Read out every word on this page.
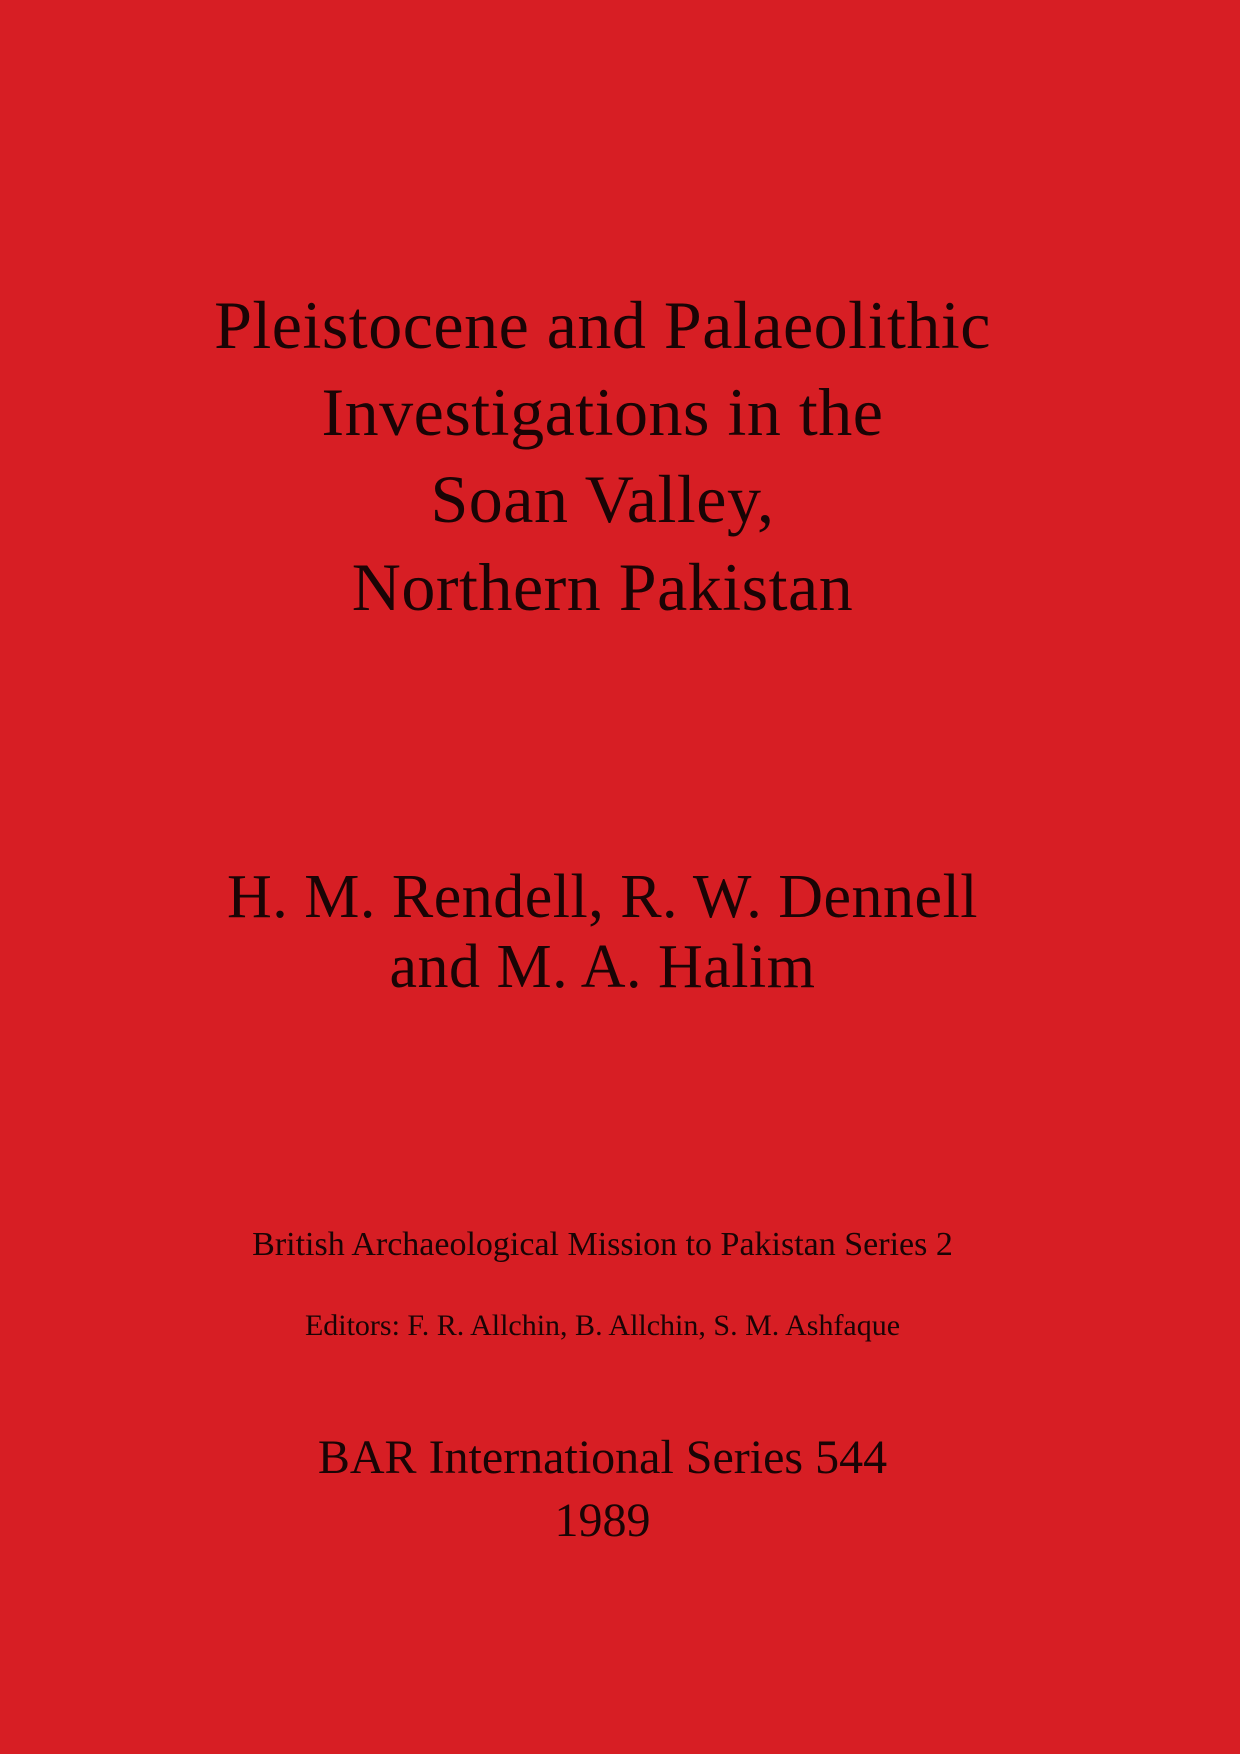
Pleistocene and Palaeolithic
Investigations in the
Soan Valley,
Northern Pakistan
H. M. Rendell, R. W. Dennell
and M. A. Halim
British Archaeological Mission to Pakistan Series 2
Editors: F. R. Allchin, B. Allchin, S. M. Ashfaque
BAR International Series 544
1989
